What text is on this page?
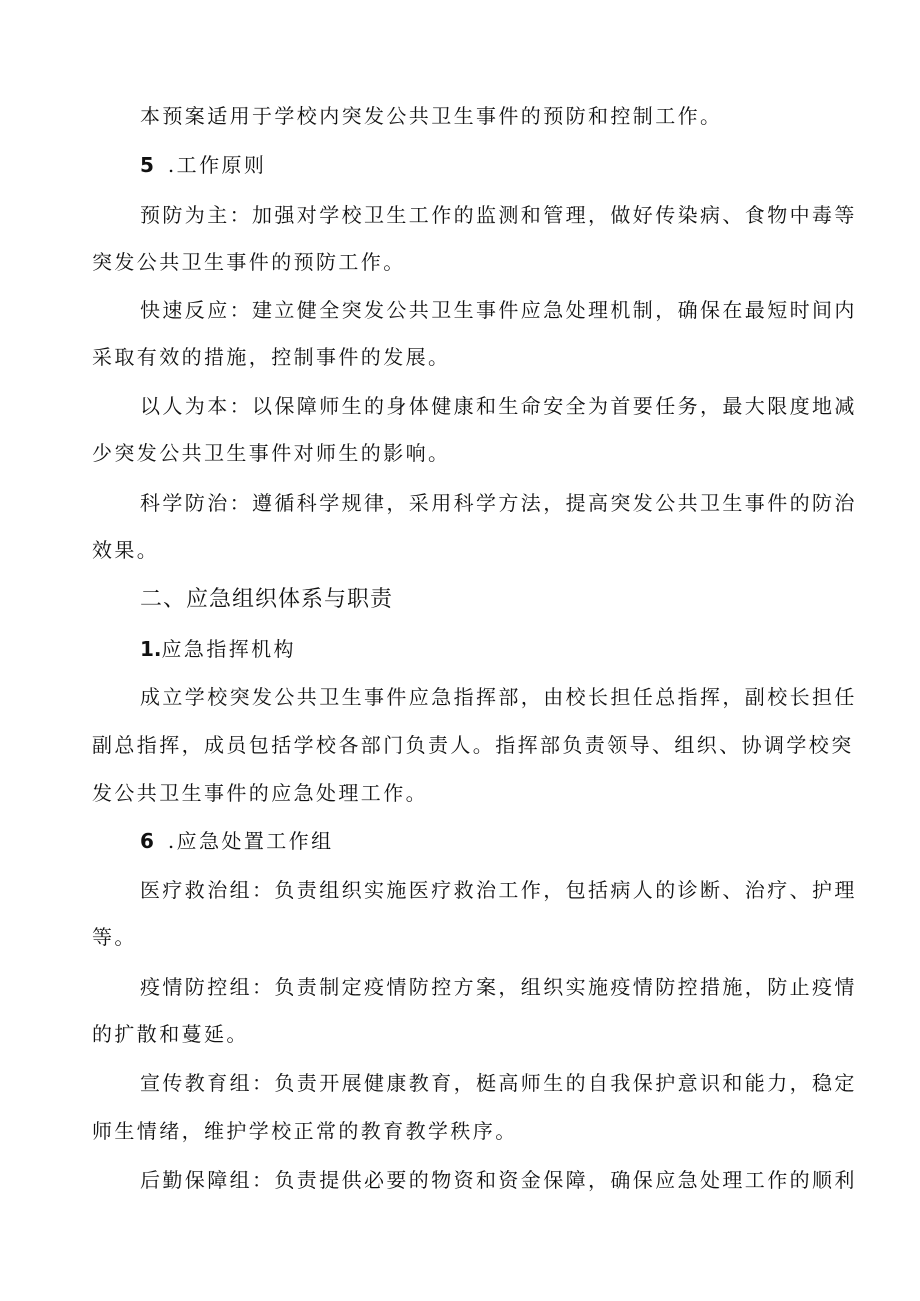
本预案适用于学校内突发公共卫生事件的预防和控制工作。
5 .工作原则
预防为主：加强对学校卫生工作的监测和管理，做好传染病、食物中毒等
突发公共卫生事件的预防工作。
快速反应：建立健全突发公共卫生事件应急处理机制，确保在最短时间内
采取有效的措施，控制事件的发展。
以人为本：以保障师生的身体健康和生命安全为首要任务，最大限度地减
少突发公共卫生事件对师生的影响。
科学防治：遵循科学规律，采用科学方法，提高突发公共卫生事件的防治
效果。
二、应急组织体系与职责
1.应急指挥机构
成立学校突发公共卫生事件应急指挥部，由校长担任总指挥，副校长担任
副总指挥，成员包括学校各部门负责人。指挥部负责领导、组织、协调学校突
发公共卫生事件的应急处理工作。
6 .应急处置工作组
医疗救治组：负责组织实施医疗救治工作，包括病人的诊断、治疗、护理
等。
疫情防控组：负责制定疫情防控方案，组织实施疫情防控措施，防止疫情
的扩散和蔓延。
宣传教育组：负责开展健康教育，梃高师生的自我保护意识和能力，稳定
师生情绪，维护学校正常的教育教学秩序。
后勤保障组：负责提供必要的物资和资金保障，确保应急处理工作的顺利
